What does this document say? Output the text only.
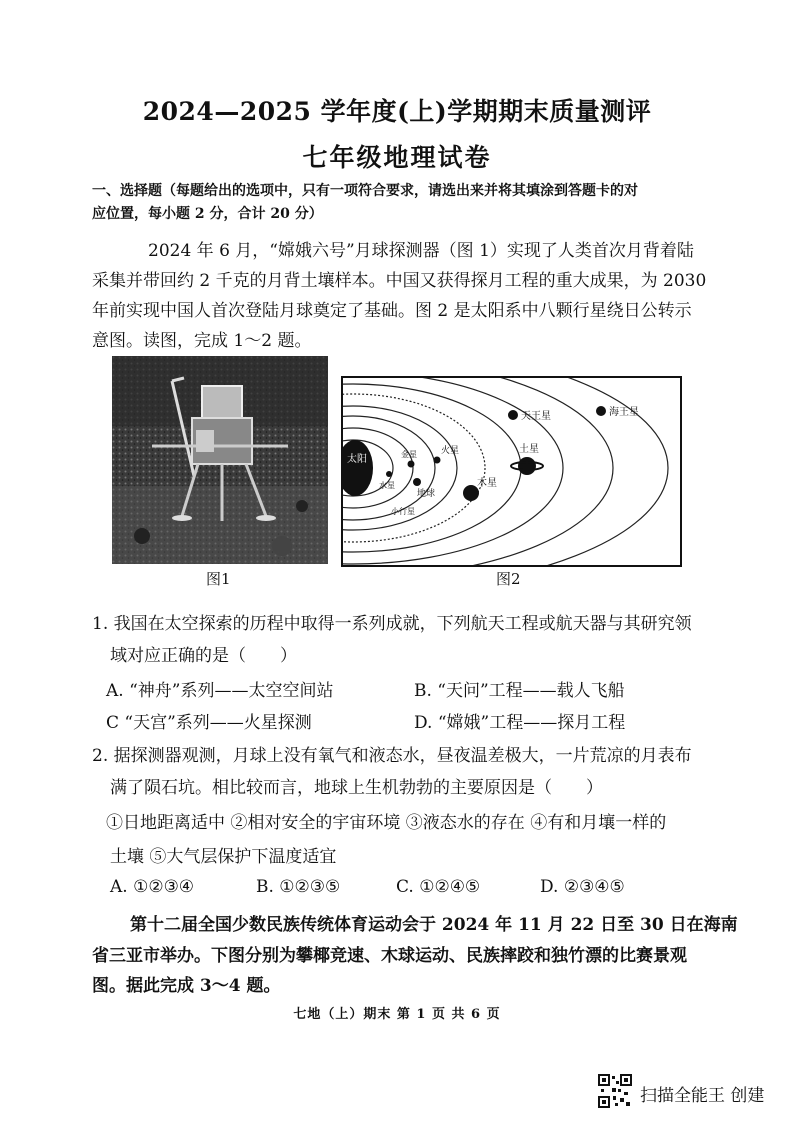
2024—2025 学年度(上)学期期末质量测评
七年级地理试卷
一、选择题（每题给出的选项中，只有一项符合要求，请选出来并将其填涂到答题卡的对
应位置，每小题 2 分，合计 20 分）
2024 年 6 月，“嫦娥六号”月球探测器（图 1）实现了人类首次月背着陆
采集并带回约 2 千克的月背土壤样本。中国又获得探月工程的重大成果，为 2030
年前实现中国人首次登陆月球奠定了基础。图 2 是太阳系中八颗行星绕日公转示
意图。读图，完成 1～2 题。
太阳
水星
金星
地球
火星
小行星
木星
土星
天王星	海王星
图1	图2
1. 我国在太空探索的历程中取得一系列成就，下列航天工程或航天器与其研究领
域对应正确的是（　　）
A. “神舟”系列——太空空间站	B. “天问”工程——载人飞船
C “天宫”系列——火星探测	D. “嫦娥”工程——探月工程
2. 据探测器观测，月球上没有氧气和液态水，昼夜温差极大，一片荒凉的月表布
满了陨石坑。相比较而言，地球上生机勃勃的主要原因是（　　）
①日地距离适中 ②相对安全的宇宙环境 ③液态水的存在 ④有和月壤一样的
土壤 ⑤大气层保护下温度适宜
A. ①②③④	B. ①②③⑤	C. ①②④⑤	D. ②③④⑤
第十二届全国少数民族传统体育运动会于 2024 年 11 月 22 日至 30 日在海南
省三亚市举办。下图分别为攀椰竞速、木球运动、民族摔跤和独竹漂的比赛景观
图。据此完成 3～4 题。
七地（上）期末 第 1 页 共 6 页
扫描全能王 创建
